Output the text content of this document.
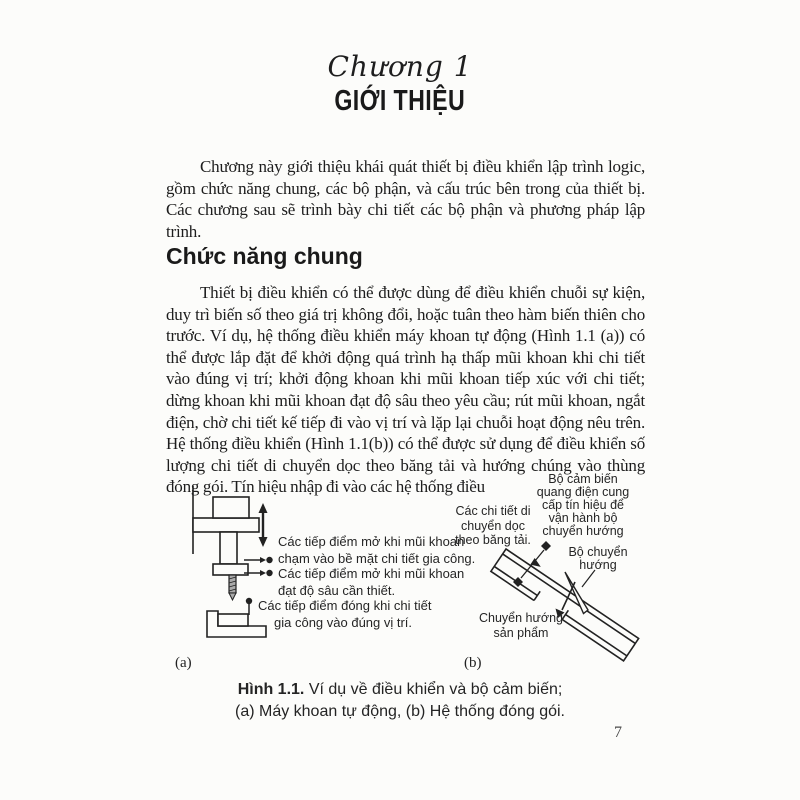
Chương 1
GIỚI THIỆU

Chương này giới thiệu khái quát thiết bị điều khiển lập trình logic, gồm chức năng chung, các bộ phận, và cấu trúc bên trong của thiết bị. Các chương sau sẽ trình bày chi tiết các bộ phận và phương pháp lập trình.

Chức năng chung

Thiết bị điều khiển có thể được dùng để điều khiển chuỗi sự kiện, duy trì biến số theo giá trị không đổi, hoặc tuân theo hàm biến thiên cho trước. Ví dụ, hệ thống điều khiển máy khoan tự động (Hình 1.1 (a)) có thể được lắp đặt để khởi động quá trình hạ thấp mũi khoan khi chi tiết vào đúng vị trí; khởi động khoan khi mũi khoan tiếp xúc với chi tiết; dừng khoan khi mũi khoan đạt độ sâu theo yêu cầu; rút mũi khoan, ngắt điện, chờ chi tiết kế tiếp đi vào vị trí và lặp lại chuỗi hoạt động nêu trên. Hệ thống điều khiển (Hình 1.1(b)) có thể được sử dụng để điều khiển số lượng chi tiết di chuyển dọc theo băng tải và hướng chúng vào thùng đóng gói. Tín hiệu nhập đi vào các hệ thống điều

Các tiếp điểm mở khi mũi khoan
chạm vào bề mặt chi tiết gia công.
Các tiếp điểm mở khi mũi khoan
đạt độ sâu cần thiết.
Các tiếp điểm đóng khi chi tiết
gia công vào đúng vị trí.
(a)
Bộ cảm biến
quang điện cung
cấp tín hiệu để
vận hành bộ
chuyển hướng
Các chi tiết di
chuyển dọc
theo băng tải.
Bộ chuyển
hướng
Chuyển hướng
sản phẩm
(b)
Hình 1.1. Ví dụ về điều khiển và bộ cảm biến;
(a) Máy khoan tự động, (b) Hệ thống đóng gói.
7
